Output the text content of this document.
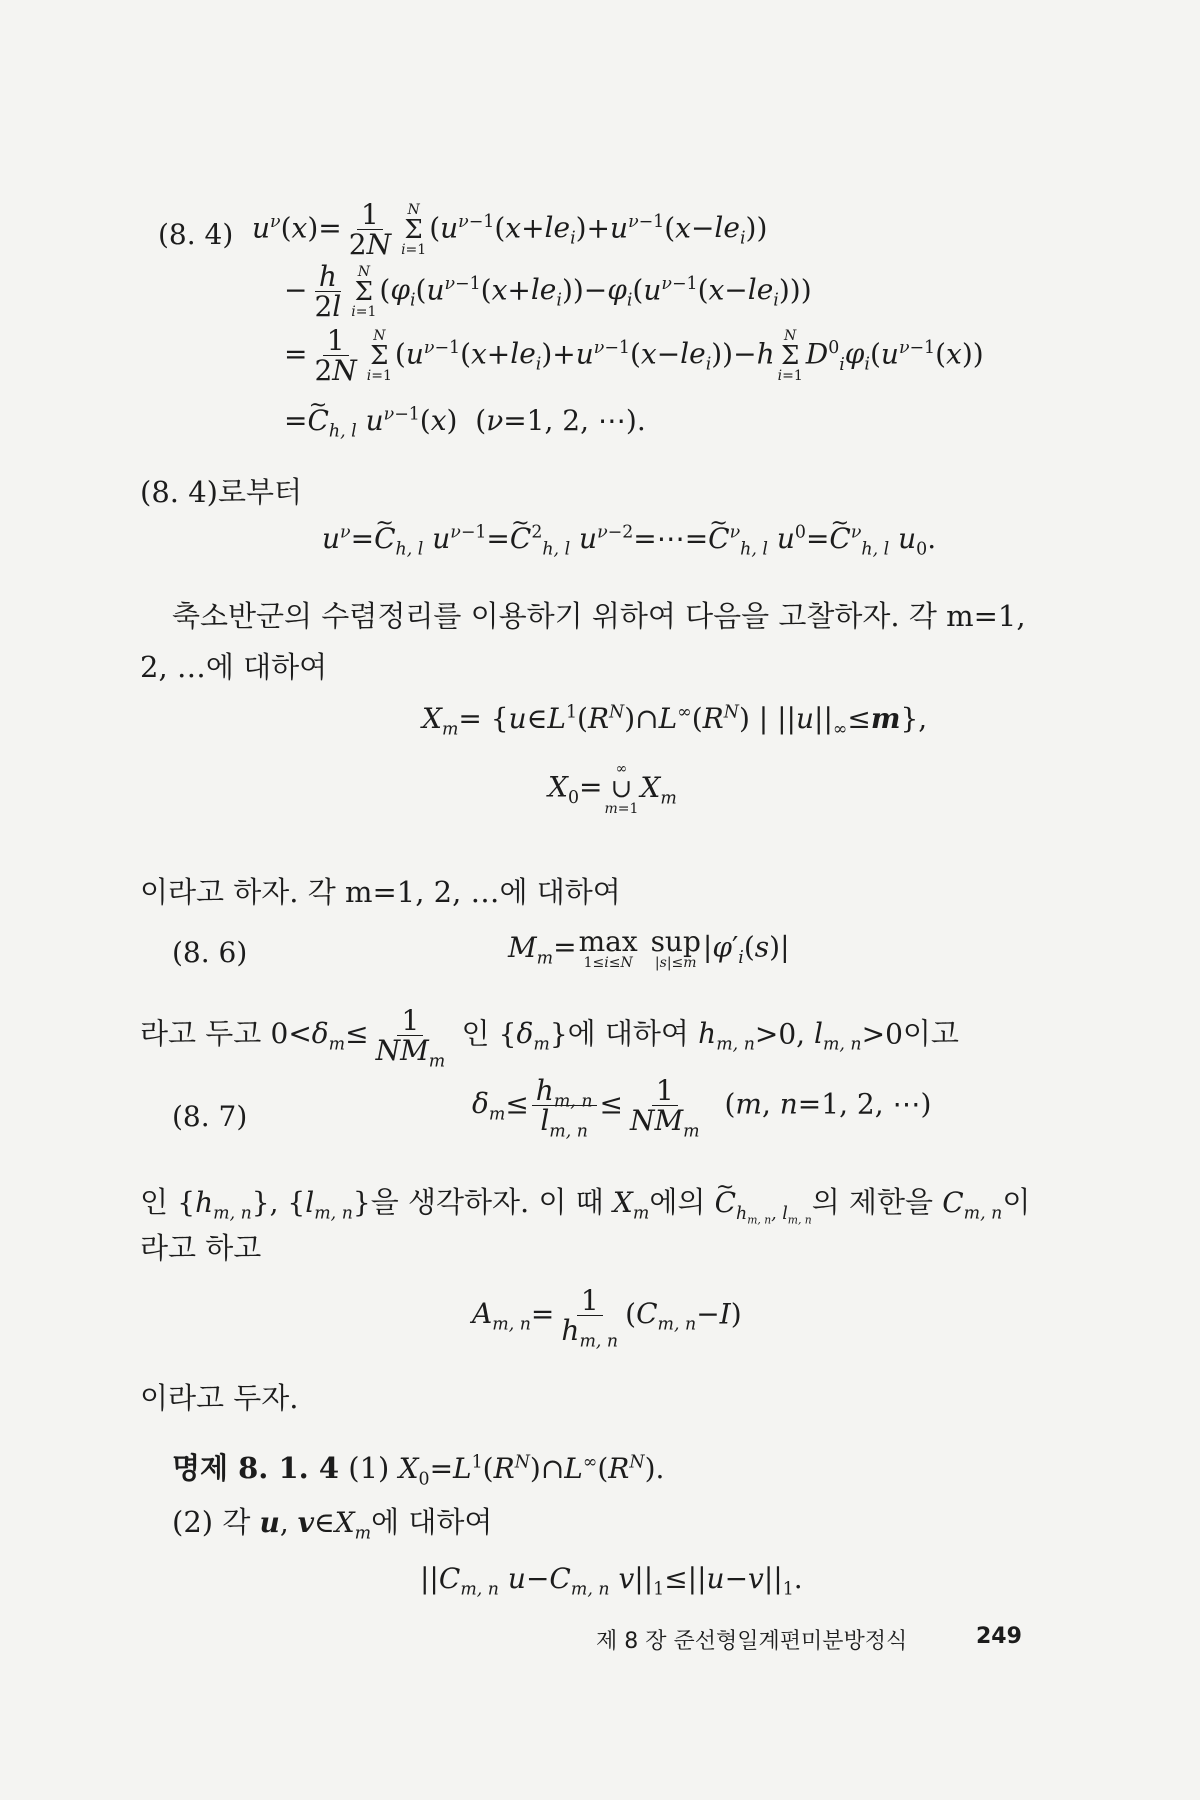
(8. 4) $u^\nu(x)= \frac{1}{2N}$ N
Σ
i=1
$(u^{\nu-1}(x+le_i)+u^{\nu-1}(x-le_i))$
− $\frac{h}{2l}$ N
Σ
i=1
$(\varphi_i(u^{\nu-1}(x+le_i))-\varphi_i(u^{\nu-1}(x-le_i)))$
= $\frac{1}{2N}$ N
Σ
i=1
$(u^{\nu-1}(x+le_i)+u^{\nu-1}(x-le_i))-h$
N
Σ
i=1
$D^0_i\varphi_i(u^{\nu-1}(x))$
=~ $C_{h, l}$ $u^{\nu-1}(x)$  (ν=1, 2, ⋯).
(8. 4)로부터
$u^\nu=\sim$ $C_{h, l}$ $u^{\nu-1}=\sim$ $C^2_{h, l}$ $u^{\nu-2}=\cdots=\sim$ $C^\nu_{h, l}$ $u^0=\sim$ $C^\nu_{h, l}$ $u_0$.
축소반군의 수렴정리를 이용하기 위하여 다음을 고찰하자. 각 m=1,
2, …에 대하여
$X_m=$ {$u\in L^1(R^N)\cap L^\infty(R^N)$ | $||u||_\infty\le m$},
$X_0=$
∞
∪
m=1
$X_m$
이라고 하자. 각 m=1, 2, …에 대하여
(8. 6)	$M_m= \max$
1≤i≤N

sup
|s|≤m $|\varphi'_i(s)|$
라고 두고 $0<\delta_m\le \frac{1}{NM_m}$ 인 $\{\delta_m\}$에 대하여 $h_{m, n}>0$, $l_{m, n}>0$이고
(8. 7)	$\delta_m\le \frac{h_{m, n}}{l_{m, n}} \le \frac{1}{NM_m} (m$, n=1, 2, ⋯)
인 $\{h_{m, n}\}$, $\{l_{m, n}\}$을 생각하자. 이 때 $X_m$에의 ~ $C_{h_{m, n}, l_{m, n}}$의 제한을 $C_{m, n}$이
라고 하고
$A_{m, n}= \frac{1}{h_{m, n}} (C_{m, n}-I)$
이라고 두자.
명제 8. 1. 4 (1) $X_0=L^1(R^N)\cap L^\infty(R^N)$.
(2) 각 u, $v\in X_m$에 대하여
$||C_{m, n}$ $u-C_{m, n}$ $v||_1\le||u-v||_1$.
제 8 장 준선형일계편미분방정식	249
